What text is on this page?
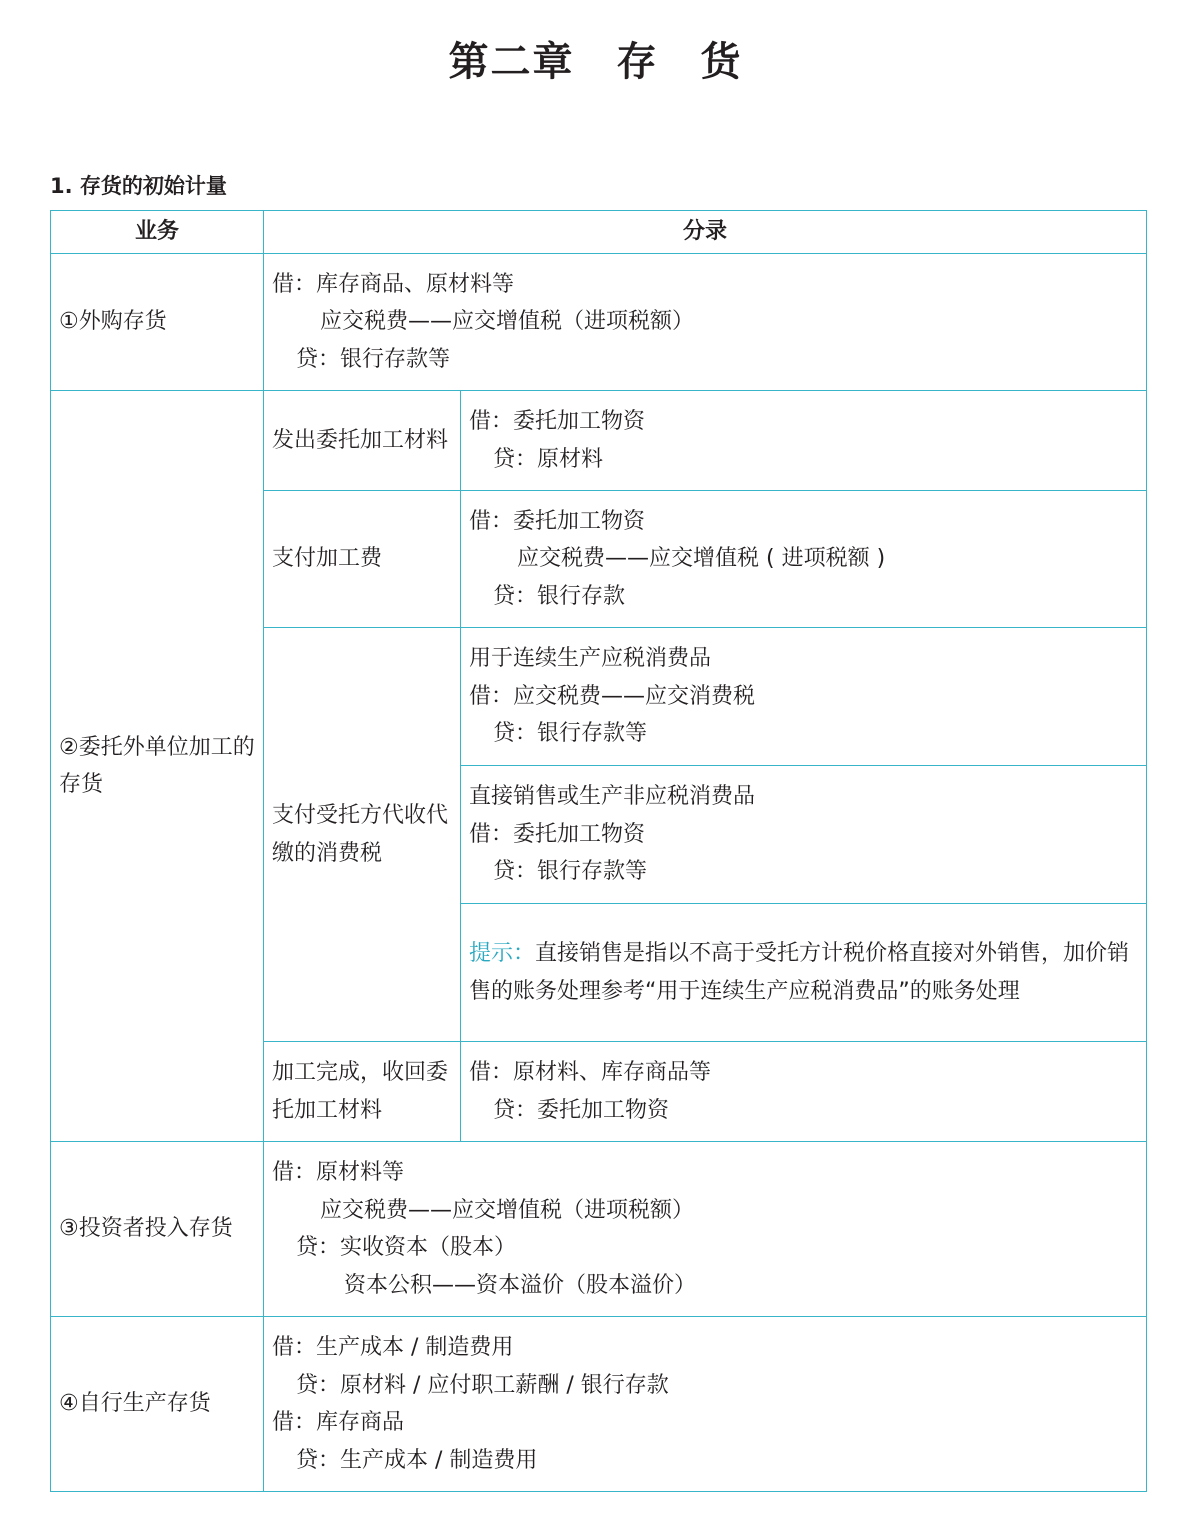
第二章　存　货
1. 存货的初始计量
业务	分录	

①外购存货	借：库存商品、原材料等
应交税费——应交增值税（进项税额）
贷：银行存款等	

②委托外单位加工的存货	发出委托加工材料	借：委托加工物资
贷：原材料

	支付加工费	借：委托加工物资
应交税费——应交增值税 ( 进项税额 )
贷：银行存款

	支付受托方代收代缴的消费税	用于连续生产应税消费品
借：应交税费——应交消费税
贷：银行存款等

		直接销售或生产非应税消费品
借：委托加工物资
贷：银行存款等

		提示：直接销售是指以不高于受托方计税价格直接对外销售，加价销售的账务处理参考“用于连续生产应税消费品”的账务处理

	加工完成，收回委托加工材料	借：原材料、库存商品等
贷：委托加工物资

③投资者投入存货	借：原材料等
应交税费——应交增值税（进项税额）
贷：实收资本（股本）
资本公积——资本溢价（股本溢价）	

④自行生产存货	借：生产成本 / 制造费用
贷：原材料 / 应付职工薪酬 / 银行存款
借：库存商品
贷：生产成本 / 制造费用	
